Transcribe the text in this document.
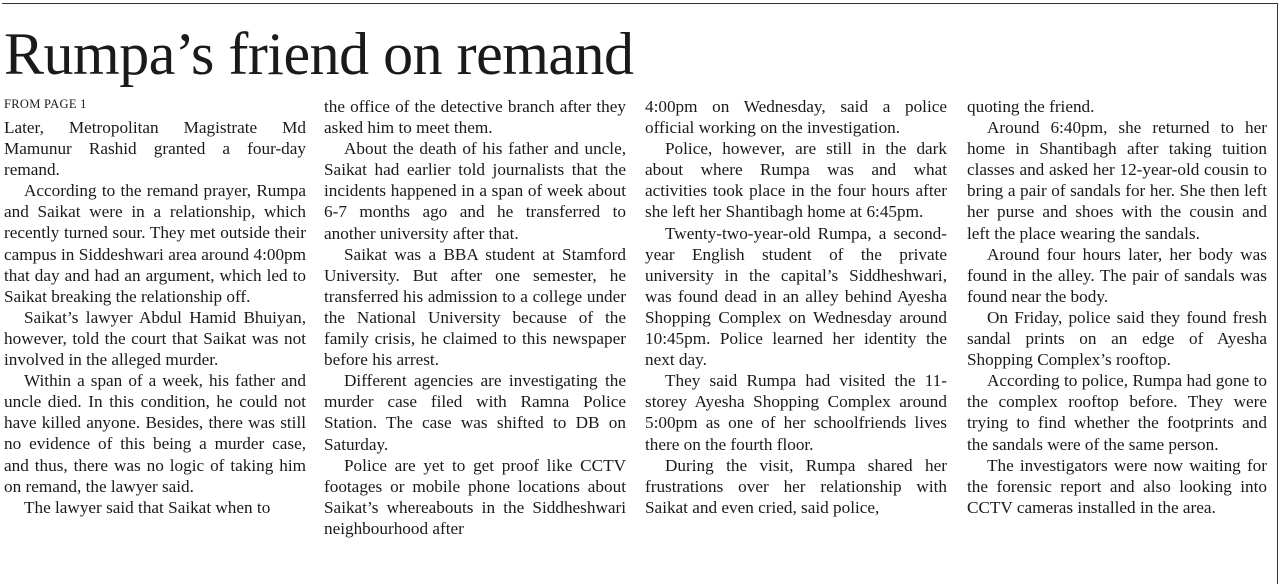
Rumpa’s friend on remand
FROM PAGE 1

Later, Metropolitan Magistrate Md Mamunur Rashid granted a four-day remand.

According to the remand prayer, Rumpa and Saikat were in a relationship, which recently turned sour. They met outside their campus in Siddeshwari area around 4:00pm that day and had an argument, which led to Saikat breaking the relationship off.

Saikat’s lawyer Abdul Hamid Bhuiyan, however, told the court that Saikat was not involved in the alleged murder.

Within a span of a week, his father and uncle died. In this condition, he could not have killed anyone. Besides, there was still no evidence of this being a murder case, and thus, there was no logic of taking him on remand, the lawyer said.

The lawyer said that Saikat when to

the office of the detective branch after they asked him to meet them.

About the death of his father and uncle, Saikat had earlier told journalists that the incidents happened in a span of week about 6-7 months ago and he transferred to another university after that.

Saikat was a BBA student at Stamford University. But after one semester, he transferred his admission to a college under the National University because of the family crisis, he claimed to this newspaper before his arrest.

Different agencies are investigating the murder case filed with Ramna Police Station. The case was shifted to DB on Saturday.

Police are yet to get proof like CCTV footages or mobile phone locations about Saikat’s whereabouts in the Siddheshwari neighbourhood after

4:00pm on Wednesday, said a police official working on the investigation.

Police, however, are still in the dark about where Rumpa was and what activities took place in the four hours after she left her Shantibagh home at 6:45pm.

Twenty-two-year-old Rumpa, a second-year English student of the private university in the capital’s Siddheshwari, was found dead in an alley behind Ayesha Shopping Complex on Wednesday around 10:45pm. Police learned her identity the next day.

They said Rumpa had visited the 11-storey Ayesha Shopping Complex around 5:00pm as one of her schoolfriends lives there on the fourth floor.

During the visit, Rumpa shared her frustrations over her relationship with Saikat and even cried, said police,

quoting the friend.

Around 6:40pm, she returned to her home in Shantibagh after taking tuition classes and asked her 12-year-old cousin to bring a pair of sandals for her. She then left her purse and shoes with the cousin and left the place wearing the sandals.

Around four hours later, her body was found in the alley. The pair of sandals was found near the body.

On Friday, police said they found fresh sandal prints on an edge of Ayesha Shopping Complex’s rooftop.

According to police, Rumpa had gone to the complex rooftop before. They were trying to find whether the footprints and the sandals were of the same person.

The investigators were now waiting for the forensic report and also looking into CCTV cameras installed in the area.
